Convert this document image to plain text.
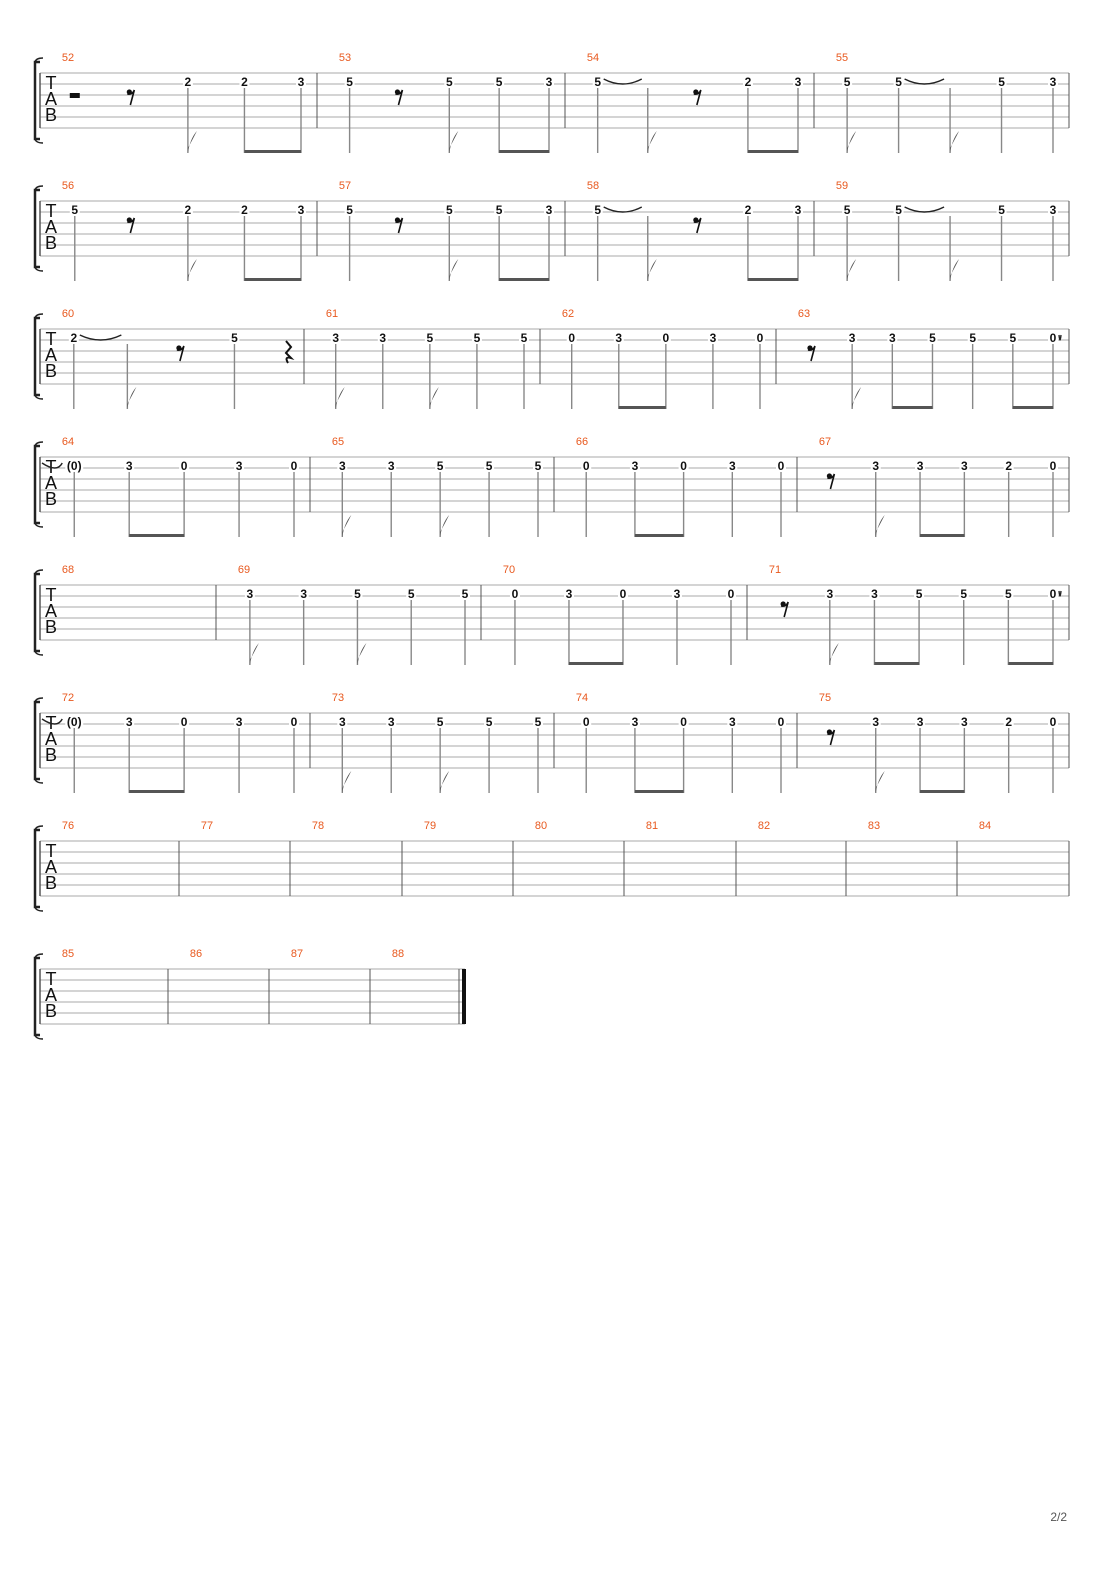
T
A
B
52
2	2	3
53
5	5	5	3
54
5	2	3
55
5	5	5	3
T
A
B
56
5	2	2	3
57
5	5	5	3
58
5	2	3
59
5	5	5	3
T
A
B
60
2	5
61
3	3	5	5	5
62
0	3	0	3	0
63
3	3	5	5	5	0
T
A
B
64
(0)	3	0	3	0
65
3	3	5	5	5
66
0	3	0	3	0
67
3	3	3	2	0
T
A
B
68	69
3	3	5	5	5
70
0	3	0	3	0
71
3	3	5	5	5	0
T
A
B
72
(0)	3	0	3	0
73
3	3	5	5	5
74
0	3	0	3	0
75
3	3	3	2	0
T
A
B
76	77	78	79	80	81	82	83	84
T
A
B
85	86	87	88
2/2
